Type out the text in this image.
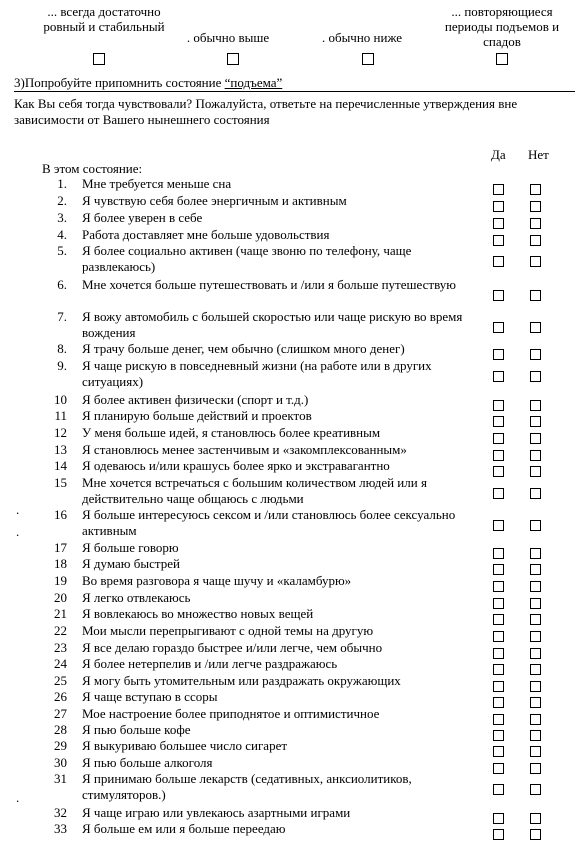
... всегда достаточно ровный и стабильный
. обычно выше	. обычно ниже
... повторяющиеся периоды подъемов и спадов
3)Попробуйте припомнить состояние “подъема”
Как Вы себя тогда чувствовали? Пожалуйста, ответьте на перечисленные утверждения вне зависимости от Вашего нынешнего состояния
Да Нет
В этом состояние:
1. Мне требуется меньше сна
2. Я чувствую себя более энергичным и активным
3. Я более уверен в себе
4. Работа доставляет мне больше удовольствия
5. Я более социально активен (чаще звоню по телефону, чаще развлекаюсь)
6. Мне хочется больше путешествовать и /или я больше путешествую
7. Я вожу автомобиль с большей скоростью или чаще рискую во время вождения
8. Я трачу больше денег, чем обычно (слишком много денег)
9. Я чаще рискую в повседневный жизни (на работе или в других ситуациях)
10 Я более активен физически (спорт и т.д.)
11 Я планирую больше действий и проектов
12 У меня больше идей, я становлюсь более креативным
13 Я становлюсь менее застенчивым и «закомплексованным»
14 Я одеваюсь и/или крашусь более ярко и экстравагантно
15 Мне хочется встречаться с большим количеством людей или я действительно чаще общаюсь с людьми
16 Я больше интересуюсь сексом и /или становлюсь более сексуально активным
17 Я больше говорю
18 Я думаю быстрей
19 Во время разговора я чаще шучу и «каламбурю»
20 Я легко отвлекаюсь
21 Я вовлекаюсь во множество новых вещей
22 Мои мысли перепрыгивают с одной темы на другую
23 Я все делаю гораздо быстрее и/или легче, чем обычно
24 Я более нетерпелив и /или легче раздражаюсь
25 Я могу быть утомительным или раздражать окружающих
26 Я чаще вступаю в ссоры
27 Мое настроение более приподнятое и оптимистичное
28 Я пью больше кофе
29 Я выкуриваю большее число сигарет
30 Я пью больше алкоголя
31 Я принимаю больше лекарств (седативных, анксиолитиков, стимуляторов.)
32 Я чаще играю или увлекаюсь азартными играми
33 Я больше ем или я больше переедаю
.
.
.
